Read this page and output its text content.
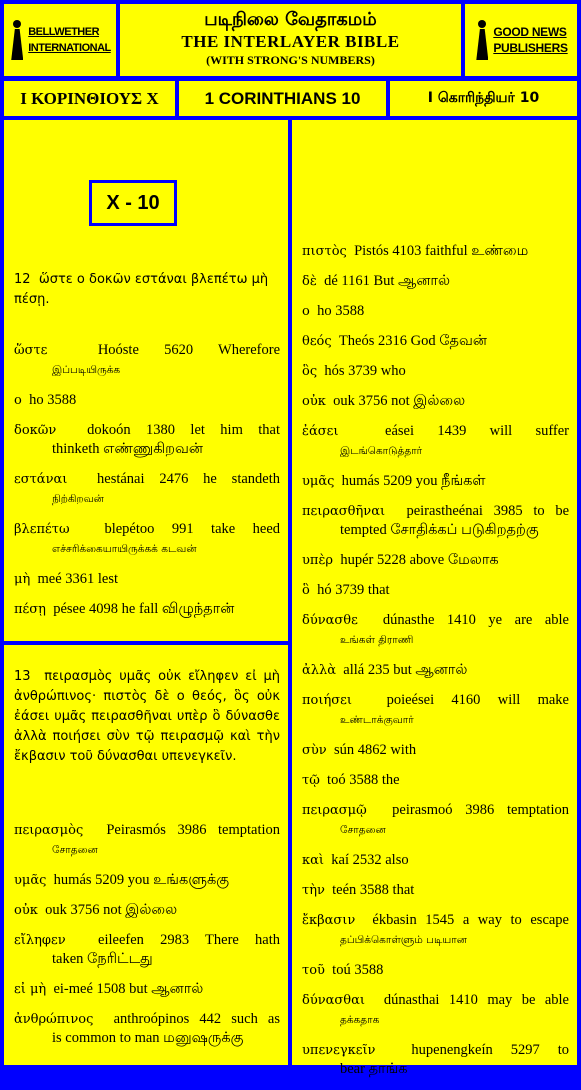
BELLWETHER
INTERNATIONAL
படிநிலை வேதாகமம்
THE INTERLAYER BIBLE
(WITH STRONG'S NUMBERS)
GOOD NEWS
PUBLISHERS
I ΚΟΡΙΝΘΙΟΥΣ X	1 CORINTHIANS 10	I கொரிந்தியர் 10
X - 10
12 ὥστε ο δοκῶν εστάναι βλεπέτω μὴ πέσῃ.
ὥστε	Hoóste 5620 Wherefore
இப்படியிருக்க
ο ho 3588
δοκῶν dokoón 1380 let him that
thinketh எண்ணுகிறவன்
εστάναι hestánai 2476 he standeth
நிற்கிறவன்
βλεπέτω blepétoo 991 take heed
எச்சரிக்கையாயிருக்கக் கடவன்
μὴ meé 3361 lest
πέσῃ pésee 4098 he fall விழுந்தான்
13 πειρασμὸς υμᾶς οὐκ εἴληφεν εἰ μὴ ἀνθρώπινος· πιστὸς δὲ ο θεός, ὃς οὐκ ἐάσει υμᾶς πειρασθῆναι υπὲρ ὃ δύνασθε ἀλλὰ ποιήσει σὺν τῷ πειρασμῷ καὶ τὴν ἔκβασιν τοῦ δύνασθαι υπενεγκεῖν.
πειρασμὸς Peirasmós 3986 temptation
சோதனை
υμᾶς humás 5209 you உங்களுக்கு
οὐκ ouk 3756 not இல்லை
εἴληφεν eileefen 2983 There hath
taken நேரிட்டது
εἰ μὴ ei-meé 1508 but ஆனால்
ἀνθρώπινος anthroópinos 442 such as
is common to man மனுஷருக்கு
πιστὸς Pistós 4103 faithful உண்மை
δὲ dé 1161 But ஆனால்
ο ho 3588
θεός Theós 2316 God தேவன்
ὃς hós 3739 who
οὐκ ouk 3756 not இல்லை
ἐάσει	eásei 1439 will suffer
இடங்கொடுத்தார்
υμᾶς humás 5209 you நீங்கள்
πειρασθῆναι peirastheénai 3985 to be
tempted சோதிக்கப் படுகிறதற்கு
υπὲρ hupér 5228 above மேலாக
ὃ hó 3739 that
δύνασθε dúnasthe 1410 ye are able
உங்கள் திராணி
ἀλλὰ allá 235 but ஆனால்
ποιήσει poieései 4160 will make
உண்டாக்குவார்
σὺν sún 4862 with
τῷ toó 3588 the
πειρασμῷ peirasmoó 3986 temptation
சோதனை
καὶ kaí 2532 also
τὴν teén 3588 that
ἔκβασιν ékbasin 1545 a way to escape
தப்பிக்கொள்ளும் படியான
τοῦ toú 3588
δύνασθαι dúnasthai 1410 may be able
தக்கதாக
υπενεγκεῖν hupenengkeín 5297 to
bear தாங்க
